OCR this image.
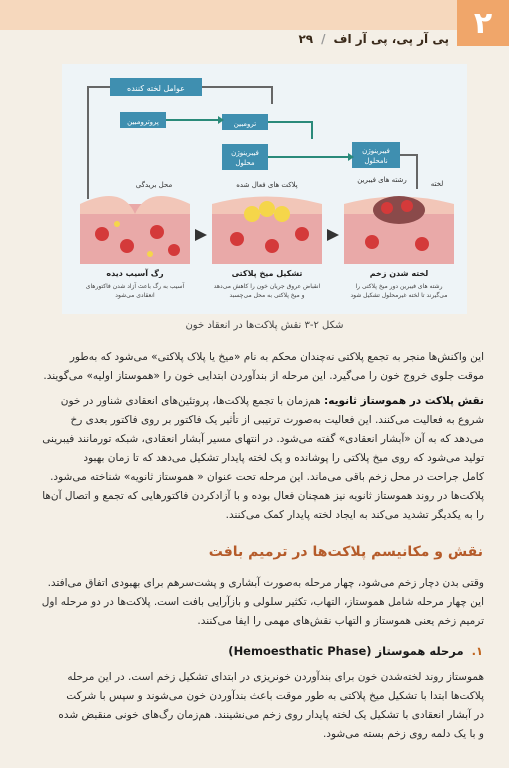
۲
پی آر پی، پی آر اف
/
۲۹
عوامل لخته کننده
پروترومبین	ترومبین
فیبرینوژن
محلول
فیبرینوژن
نامحلول
محل بریدگی
رگ آسیب دیده
آسیب به رگ باعث آزاد شدن فاکتورهای
انعقادی می‌شود
پلاکت های فعال شده
تشکیل میخ پلاکتی
انقباض عروق جریان خون را کاهش می‌دهد
و میخ پلاکتی به محل می‌چسبد
رشته های فیبرین	لخته
لخته شدن زخم
رشته های فیبرین دور میخ پلاکتی را
می‌گیرند تا لخته غیرمحلول تشکیل شود
شکل ۲-۳ نقش پلاکت‌ها در انعقاد خون
این واکنش‌ها منجر به تجمع پلاکتی نه‌چندان محکم به نام «میخ یا پلاک پلاکتی» می‌شود که به‌طور
موقت جلوی خروج خون را می‌گیرد. این مرحله از بندآوردن ابتدایی خون را «هموستاز اولیه» می‌گویند.
نقش پلاکت در هموستاز ثانویه: هم‌زمان با تجمع پلاکت‌ها، پروتئین‌های انعقادی شناور در خون
شروع به فعالیت می‌کنند. این فعالیت به‌صورت ترتیبی از تأثیر یک فاکتور بر روی فاکتور بعدی رخ
می‌دهد که به آن «آبشار انعقادی» گفته می‌شود. در انتهای مسیر آبشار انعقادی، شبکه تورمانند فیبرینی
تولید می‌شود که روی میخ پلاکتی را پوشانده و یک لخته پایدار تشکیل می‌دهد که تا زمان بهبود
کامل جراحت در محل زخم باقی می‌ماند. این مرحله تحت عنوان « هموستاز ثانویه» شناخته می‌شود.
پلاکت‌ها در روند هموستاز ثانویه نیز همچنان فعال بوده و با آزادکردن فاکتورهایی که تجمع و اتصال آن‌ها
را به یکدیگر تشدید می‌کند به ایجاد لخته پایدار کمک می‌کنند.
نقش و مکانیسم پلاکت‌ها در ترمیم بافت
وقتی بدن دچار زخم می‌شود، چهار مرحله به‌صورت آبشاری و پشت‌سرهم برای بهبودی اتفاق می‌افتد.
این چهار مرحله شامل هموستاز، التهاب، تکثیر سلولی و بازآرایی بافت است. پلاکت‌ها در دو مرحله اول
ترمیم زخم یعنی هموستاز و التهاب نقش‌های مهمی را ایفا می‌کنند.
۱.
مرحله هموستاز (Hemoesthatic Phase)
هموستاز روند لخته‌شدن خون برای بندآوردن خونریزی در ابتدای تشکیل زخم است. در این مرحله
پلاکت‌ها ابتدا با تشکیل میخ پلاکتی به طور موقت باعث بندآوردن خون می‌شوند و سپس با شرکت
در آبشار انعقادی با تشکیل یک لخته پایدار روی زخم می‌نشینند. هم‌زمان رگ‌های خونی منقبض شده
و با یک دلمه روی زخم بسته می‌شود.
